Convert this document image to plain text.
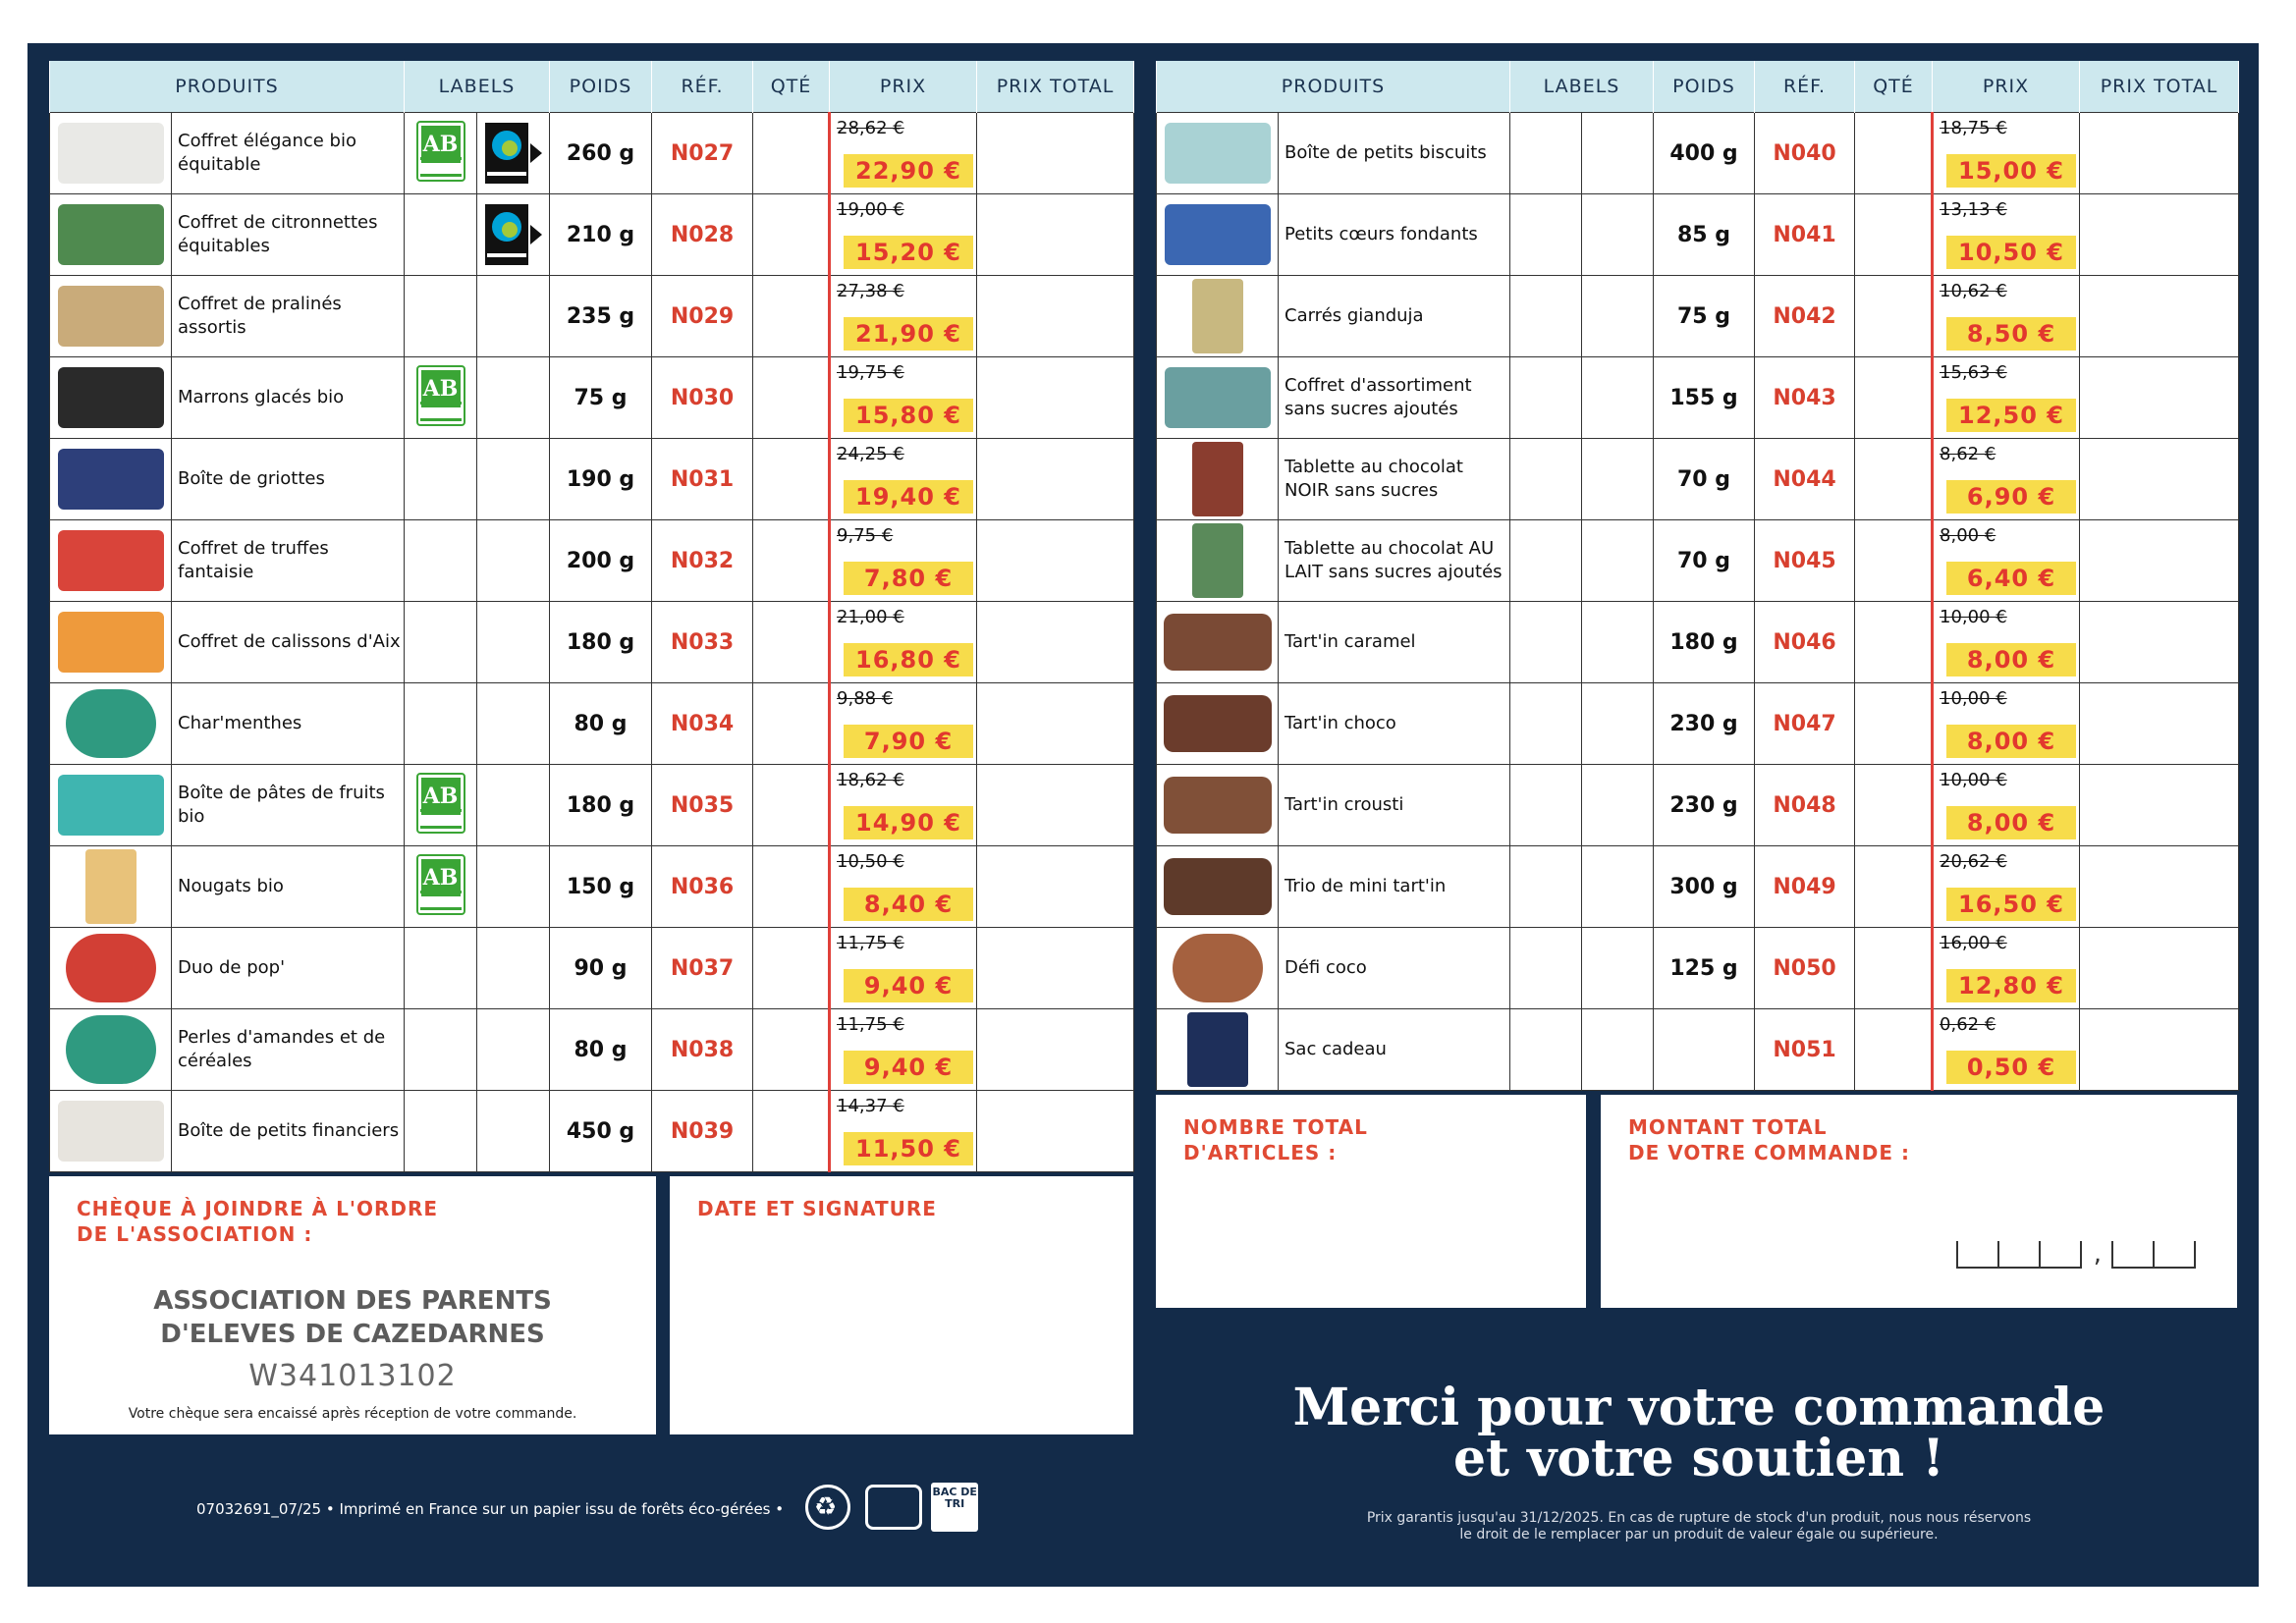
PRODUITS		LABELS		POIDS	RÉF.	QTÉ	PRIX	PRIX TOTAL
	Coffret élégance bio équitable	AB		260 g	N027		28,62 €
22,90 €	

	Coffret de citronnettes équitables			210 g	N028		19,00 €
15,20 €	

	Coffret de pralinés assortis			235 g	N029		27,38 €
21,90 €	

	Marrons glacés bio	AB		75 g	N030		19,75 €
15,80 €	

	Boîte de griottes			190 g	N031		24,25 €
19,40 €	

	Coffret de truffes fantaisie			200 g	N032		9,75 €
7,80 €	

	Coffret de calissons d'Aix			180 g	N033		21,00 €
16,80 €	

	Char'menthes			80 g	N034		9,88 €
7,90 €	

	Boîte de pâtes de fruits bio	AB		180 g	N035		18,62 €
14,90 €	

	Nougats bio	AB		150 g	N036		10,50 €
8,40 €	

	Duo de pop'			90 g	N037		11,75 €
9,40 €	

	Perles d'amandes et de céréales			80 g	N038		11,75 €
9,40 €	

	Boîte de petits financiers			450 g	N039		14,37 €
11,50 €	

PRODUITS		LABELS		POIDS	RÉF.	QTÉ	PRIX	PRIX TOTAL
	Boîte de petits biscuits			400 g	N040		18,75 €
15,00 €	

	Petits cœurs fondants			85 g	N041		13,13 €
10,50 €	

	Carrés gianduja			75 g	N042		10,62 €
8,50 €	

	Coffret d'assortiment sans sucres ajoutés			155 g	N043		15,63 €
12,50 €	

	Tablette au chocolat NOIR sans sucres			70 g	N044		8,62 €
6,90 €	

	Tablette au chocolat AU LAIT sans sucres ajoutés			70 g	N045		8,00 €
6,40 €	

	Tart'in caramel			180 g	N046		10,00 €
8,00 €	

	Tart'in choco			230 g	N047		10,00 €
8,00 €	

	Tart'in crousti			230 g	N048		10,00 €
8,00 €	

	Trio de mini tart'in			300 g	N049		20,62 €
16,50 €	

	Défi coco			125 g	N050		16,00 €
12,80 €	

	Sac cadeau				N051		0,62 €
0,50 €	

CHÈQUE À JOINDRE À L'ORDRE
DE L'ASSOCIATION :
ASSOCIATION DES PARENTS
D'ELEVES DE CAZEDARNES
W341013102
Votre chèque sera encaissé après réception de votre commande.
DATE ET SIGNATURE
NOMBRE TOTAL
D'ARTICLES :
MONTANT TOTAL
DE VOTRE COMMANDE :
,
Merci pour votre commande
et votre soutien !
Prix garantis jusqu'au 31/12/2025. En cas de rupture de stock d'un produit, nous nous réservons
le droit de le remplacer par un produit de valeur égale ou supérieure.
07032691_07/25 • Imprimé en France sur un papier issu de forêts éco-gérées • ♻
BAC DE TRI
